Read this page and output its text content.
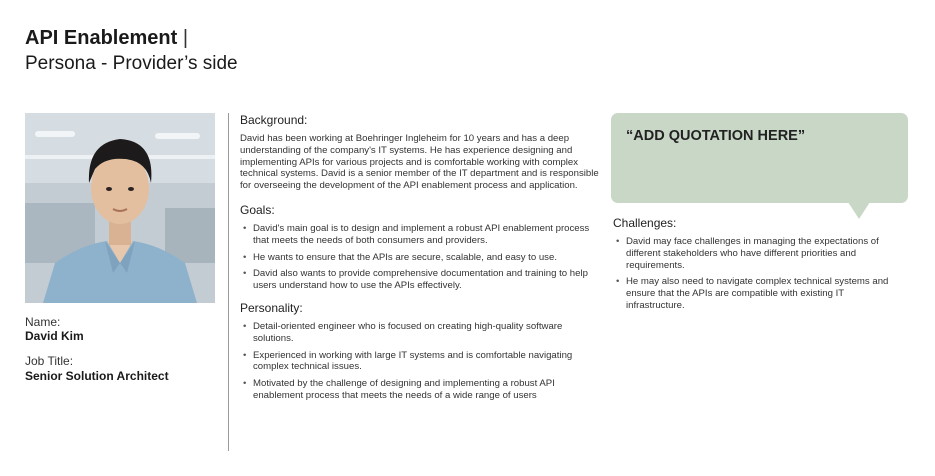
API Enablement |
Persona - Provider’s side
Name:
David Kim
Job Title:
Senior Solution Architect
Background:

David has been working at Boehringer Ingleheim for 10 years and has a deep understanding of the company's IT systems. He has experience designing and implementing APIs for various projects and is comfortable working with complex technical systems. David is a senior member of the IT department and is responsible for overseeing the development of the API enablement process and application.

Goals:
• David's main goal is to design and implement a robust API enablement process that meets the needs of both consumers and providers.
• He wants to ensure that the APIs are secure, scalable, and easy to use.
• David also wants to provide comprehensive documentation and training to help users understand how to use the APIs effectively.
Personality:
• Detail-oriented engineer who is focused on creating high-quality software solutions.
• Experienced in working with large IT systems and is comfortable navigating complex technical issues.
• Motivated by the challenge of designing and implementing a robust API enablement process that meets the needs of a wide range of users
“ADD QUOTATION HERE”
Challenges:
• David may face challenges in managing the expectations of different stakeholders who have different priorities and requirements.
• He may also need to navigate complex technical systems and ensure that the APIs are compatible with existing IT infrastructure.
